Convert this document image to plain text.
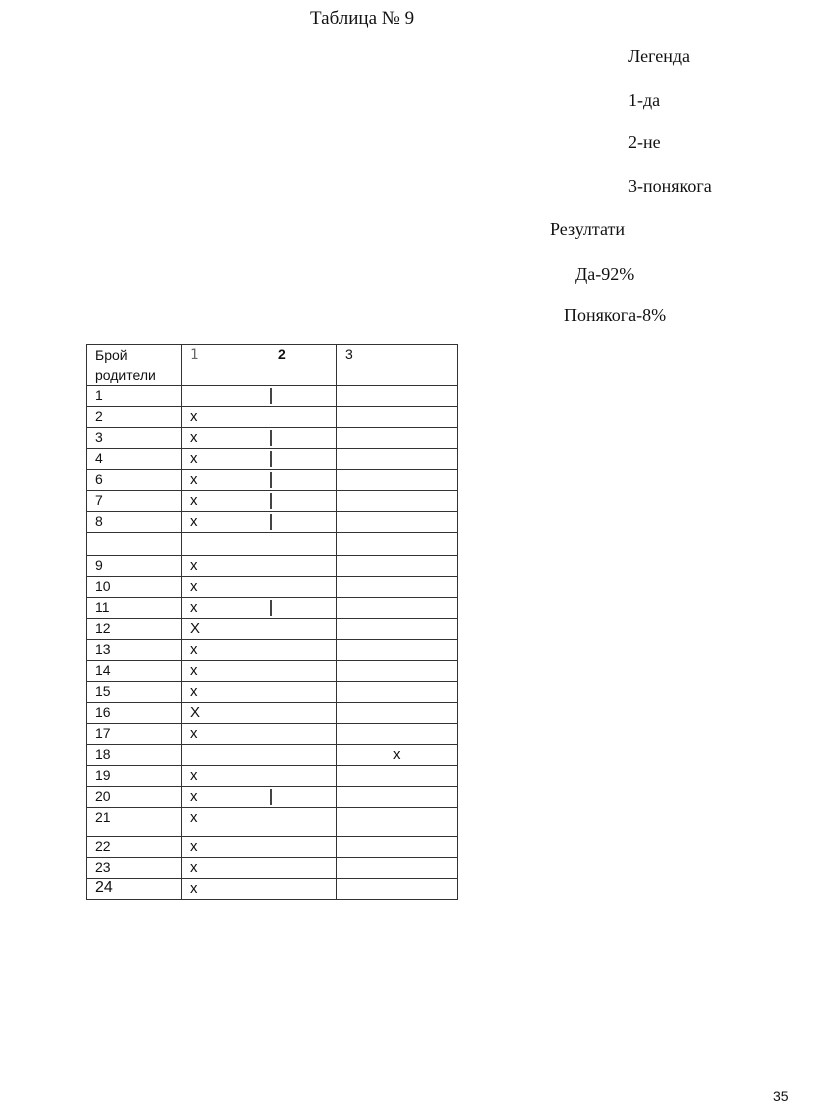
Таблица № 9
Легенда
1-да
2-не
3-понякога
Резултати
Да-92%
Понякога-8%
Брой родители	1 2	3
1	

2	x	
3	x

4	x

6	x

7	x

8	x

9	x	
10	x	
11	x

12	X	
13	x	
14	x	
15	x	
16	X	
17	x	
18		x
19	x	
20	x

21	x	
22	x	
23	x	
24	x	
35
